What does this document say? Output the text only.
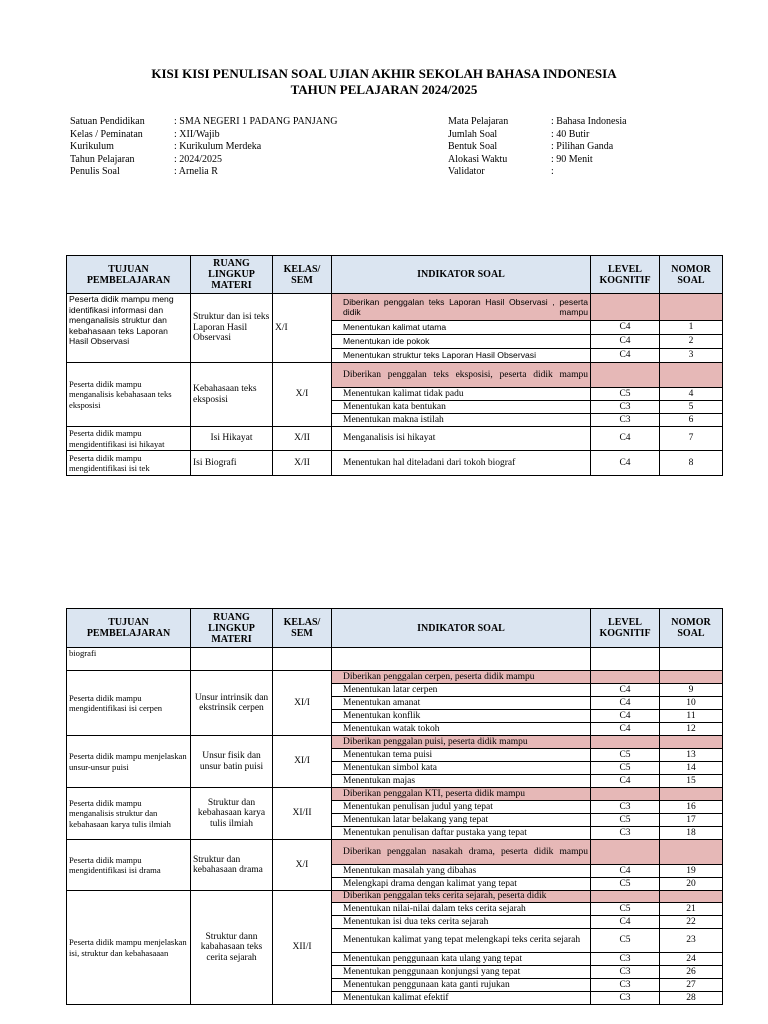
KISI KISI PENULISAN SOAL UJIAN AKHIR SEKOLAH BAHASA INDONESIA
TAHUN PELAJARAN 2024/2025
Satuan Pendidikan	: SMA NEGERI 1 PADANG PANJANG
Kelas / Peminatan	: XII/Wajib
Kurikulum	: Kurikulum Merdeka
Tahun Pelajaran	: 2024/2025
Penulis Soal	: Arnelia R
Mata Pelajaran	: Bahasa Indonesia
Jumlah Soal	: 40 Butir
Bentuk Soal	: Pilihan Ganda
Alokasi Waktu	: 90 Menit
Validator	:
TUJUAN PEMBELAJARAN	RUANG LINGKUP MATERI	KELAS/ SEM	INDIKATOR SOAL	LEVEL KOGNITIF	NOMOR SOAL
Peserta didik mampu meng identifikasi informasi dan menganalisis struktur dan kebahasaan teks Laporan Hasil Observasi	Struktur dan isi teks Laporan Hasil Observasi	X/I	Diberikan penggalan teks Laporan Hasil Observasi , peserta didik mampu		
			Menentukan kalimat utama	C4	1
			Menentukan ide pokok	C4	2
			Menentukan struktur teks Laporan Hasil Observasi	C4	3
Peserta didik mampu menganalisis kebahasaan teks eksposisi	Kebahasaan teks eksposisi	X/I	Diberikan penggalan teks eksposisi, peserta didik mampu		
			Menentukan kalimat tidak padu	C5	4
			Menentukan kata bentukan	C3	5
			Menentukan makna istilah	C3	6
Peserta didik mampu mengidentifikasi isi hikayat	Isi Hikayat	X/II	Menganalisis isi hikayat	C4	7
Peserta didik mampu mengidentifikasi isi tek	Isi Biografi	X/II	Menentukan hal diteladani dari tokoh biograf	C4	8
TUJUAN PEMBELAJARAN	RUANG LINGKUP MATERI	KELAS/ SEM	INDIKATOR SOAL	LEVEL KOGNITIF	NOMOR SOAL
biografi					
Peserta didik mampu mengidentifikasi isi cerpen	Unsur intrinsik dan ekstrinsik cerpen	XI/I	Diberikan penggalan cerpen, peserta didik mampu		
			Menentukan latar cerpen	C4	9
			Menentukan amanat	C4	10
			Menentukan konflik	C4	11
			Menentukan watak tokoh	C4	12
Peserta didik mampu menjelaskan unsur-unsur puisi	Unsur fisik dan unsur batin puisi	XI/I	Diberikan penggalan puisi, peserta didik mampu		
			Menentukan tema puisi	C5	13
			Menentukan simbol kata	C5	14
			Menentukan majas	C4	15
Peserta didik mampu menganalisis struktur dan kebahasaan karya tulis ilmiah	Struktur dan kebahasaan karya tulis ilmiah	XI/II	Diberikan penggalan KTI, peserta didik mampu		
			Menentukan penulisan judul yang tepat	C3	16
			Menentukan latar belakang yang tepat	C5	17
			Menentukan penulisan daftar pustaka yang tepat	C3	18
Peserta didik mampu mengidentifikasi isi drama	Struktur dan kebahasaan drama	X/I	Diberikan penggalan nasakah drama, peserta didik mampu		
			Menentukan masalah yang dibahas	C4	19
			Melengkapi drama dengan kalimat yang tepat	C5	20
Peserta didik mampu menjelaskan isi, struktur dan kebahasaaan	Struktur dann kabahasaan teks cerita sejarah	XII/I	Diberikan penggalan teks cerita sejarah, peserta didik		
			Menentukan nilai-nilai dalam teks cerita sejarah	C5	21
			Menentukan isi dua teks cerita sejarah	C4	22
			Menentukan kalimat yang tepat melengkapi teks cerita sejarah	C5	23
			Menentukan penggunaan kata ulang yang tepat	C3	24
			Menentukan penggunaan konjungsi yang tepat	C3	26
			Menentukan penggunaan kata ganti rujukan	C3	27
			Menentukan kalimat efektif	C3	28
